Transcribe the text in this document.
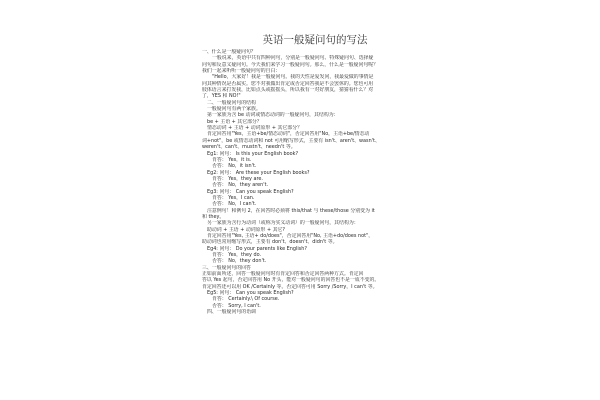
英语一般疑问句的写法
一、什么是一般疑问句？
一般说来，英语中共有四种问句，分别是一般疑问句、特殊疑问句、选择疑
问句和反意义疑问句。今天我们来学习一般疑问句。那么，什么是一般疑问句呢？
我们一起来听听一般疑问句的自白：
"Hello，大家好！我是一般疑问句。我的天性是爱发问，我最爱做的事情是
问其种情况是否属实。您不对我做出肯定或否定回答我是不会罢休的。您也可用
肢体语言来打发我，比如点头或摇摇头，所以我有一对好朋友，猜猜看什么？对
了，YES 和 NO!"
二、一般疑问句的结构
一般疑问句有两个家族。
第一家族为含 be 动词或情态动词的一般疑问句，其结构为：
be + 主语 + 其它部分？
情态动词 + 主语 + 动词原形 + 其它部分？
肯定回答用"Yes，主语+be/情态动词"，否定回答用"No，主语+be/情态动
词+not"，be 或情态动词和 not 可用缩写形式，主要有 isn't、aren't、wasn't、
weren't、can't、mustn't、needn't 等。
Eg1: 问句： Is this your English book?
肯答： Yes，it is.
否答： No，it isn't.
Eg2: 问句： Are these your English books?
肯答： Yes，they are.
否答： No，they aren't.
Eg3: 问句： Can you speak English?
肯答： Yes，I can.
否答： No，I can't.
注意例句！和例句 2，在回答时必须将 this/that 与 these/those 分别变为 it
和 they。
另一家族为含行为动词（或称为实义动词）的一般疑问句，其结构为：
助动词 + 主语 + 动词原形 + 其它?
肯定回答用"Yes, 主语+ do/does"，否定回答用"No, 主语+do/does not"，
助动词也常用缩写形式，主要有 don't、doesn't、didn't 等。
Eg4: 问句： Do your parents like English?
肯答： Yes，they do.
否答： No，they don't.
三、一般疑问句的回答
正如前面所述，回答一般疑问句时有肯定回答和否定回答两种方式。肯定回
答以 Yes 起句，否定回答用 No 开头，能对一般疑问句的回答也不是一成不变的。
肯定回答还可以用 OK /Certainly 等。否定回答可用 Sorry /Sorry，I can't 等。
Eg5: 问句： Can you speak English?
肯答： Certainly.\ Of course.
否答： Sorry, I can't.
四、一般疑问句的语调
